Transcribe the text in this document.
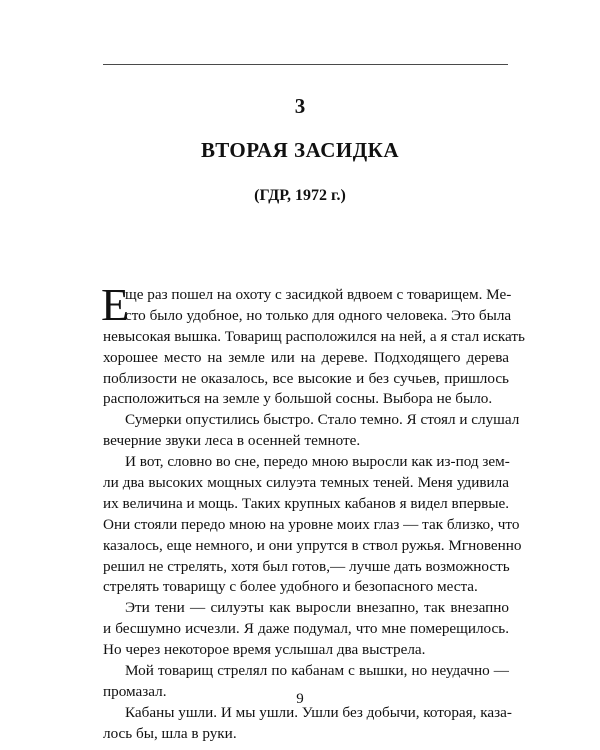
3
ВТОРАЯ ЗАСИДКА
(ГДР, 1972 г.)
Е
ще раз пошел на охоту с засидкой вдвоем с товарищем. Ме-
сто было удобное, но только для одного человека. Это была
невысокая вышка. Товарищ расположился на ней, а я стал искать
хорошее место на земле или на дереве. Подходящего дерева
поблизости не оказалось, все высокие и без сучьев, пришлось
расположиться на земле у большой сосны. Выбора не было.
Сумерки опустились быстро. Стало темно. Я стоял и слушал
вечерние звуки леса в осенней темноте.
И вот, словно во сне, передо мною выросли как из-под зем-
ли два высоких мощных силуэта темных теней. Меня удивила
их величина и мощь. Таких крупных кабанов я видел впервые.
Они стояли передо мною на уровне моих глаз — так близко, что
казалось, еще немного, и они упрутся в ствол ружья. Мгновенно
решил не стрелять, хотя был готов,— лучше дать возможность
стрелять товарищу с более удобного и безопасного места.
Эти тени — силуэты как выросли внезапно, так внезапно
и бесшумно исчезли. Я даже подумал, что мне померещилось.
Но через некоторое время услышал два выстрела.
Мой товарищ стрелял по кабанам с вышки, но неудачно —
промазал.
Кабаны ушли. И мы ушли. Ушли без добычи, которая, каза-
лось бы, шла в руки.
9
